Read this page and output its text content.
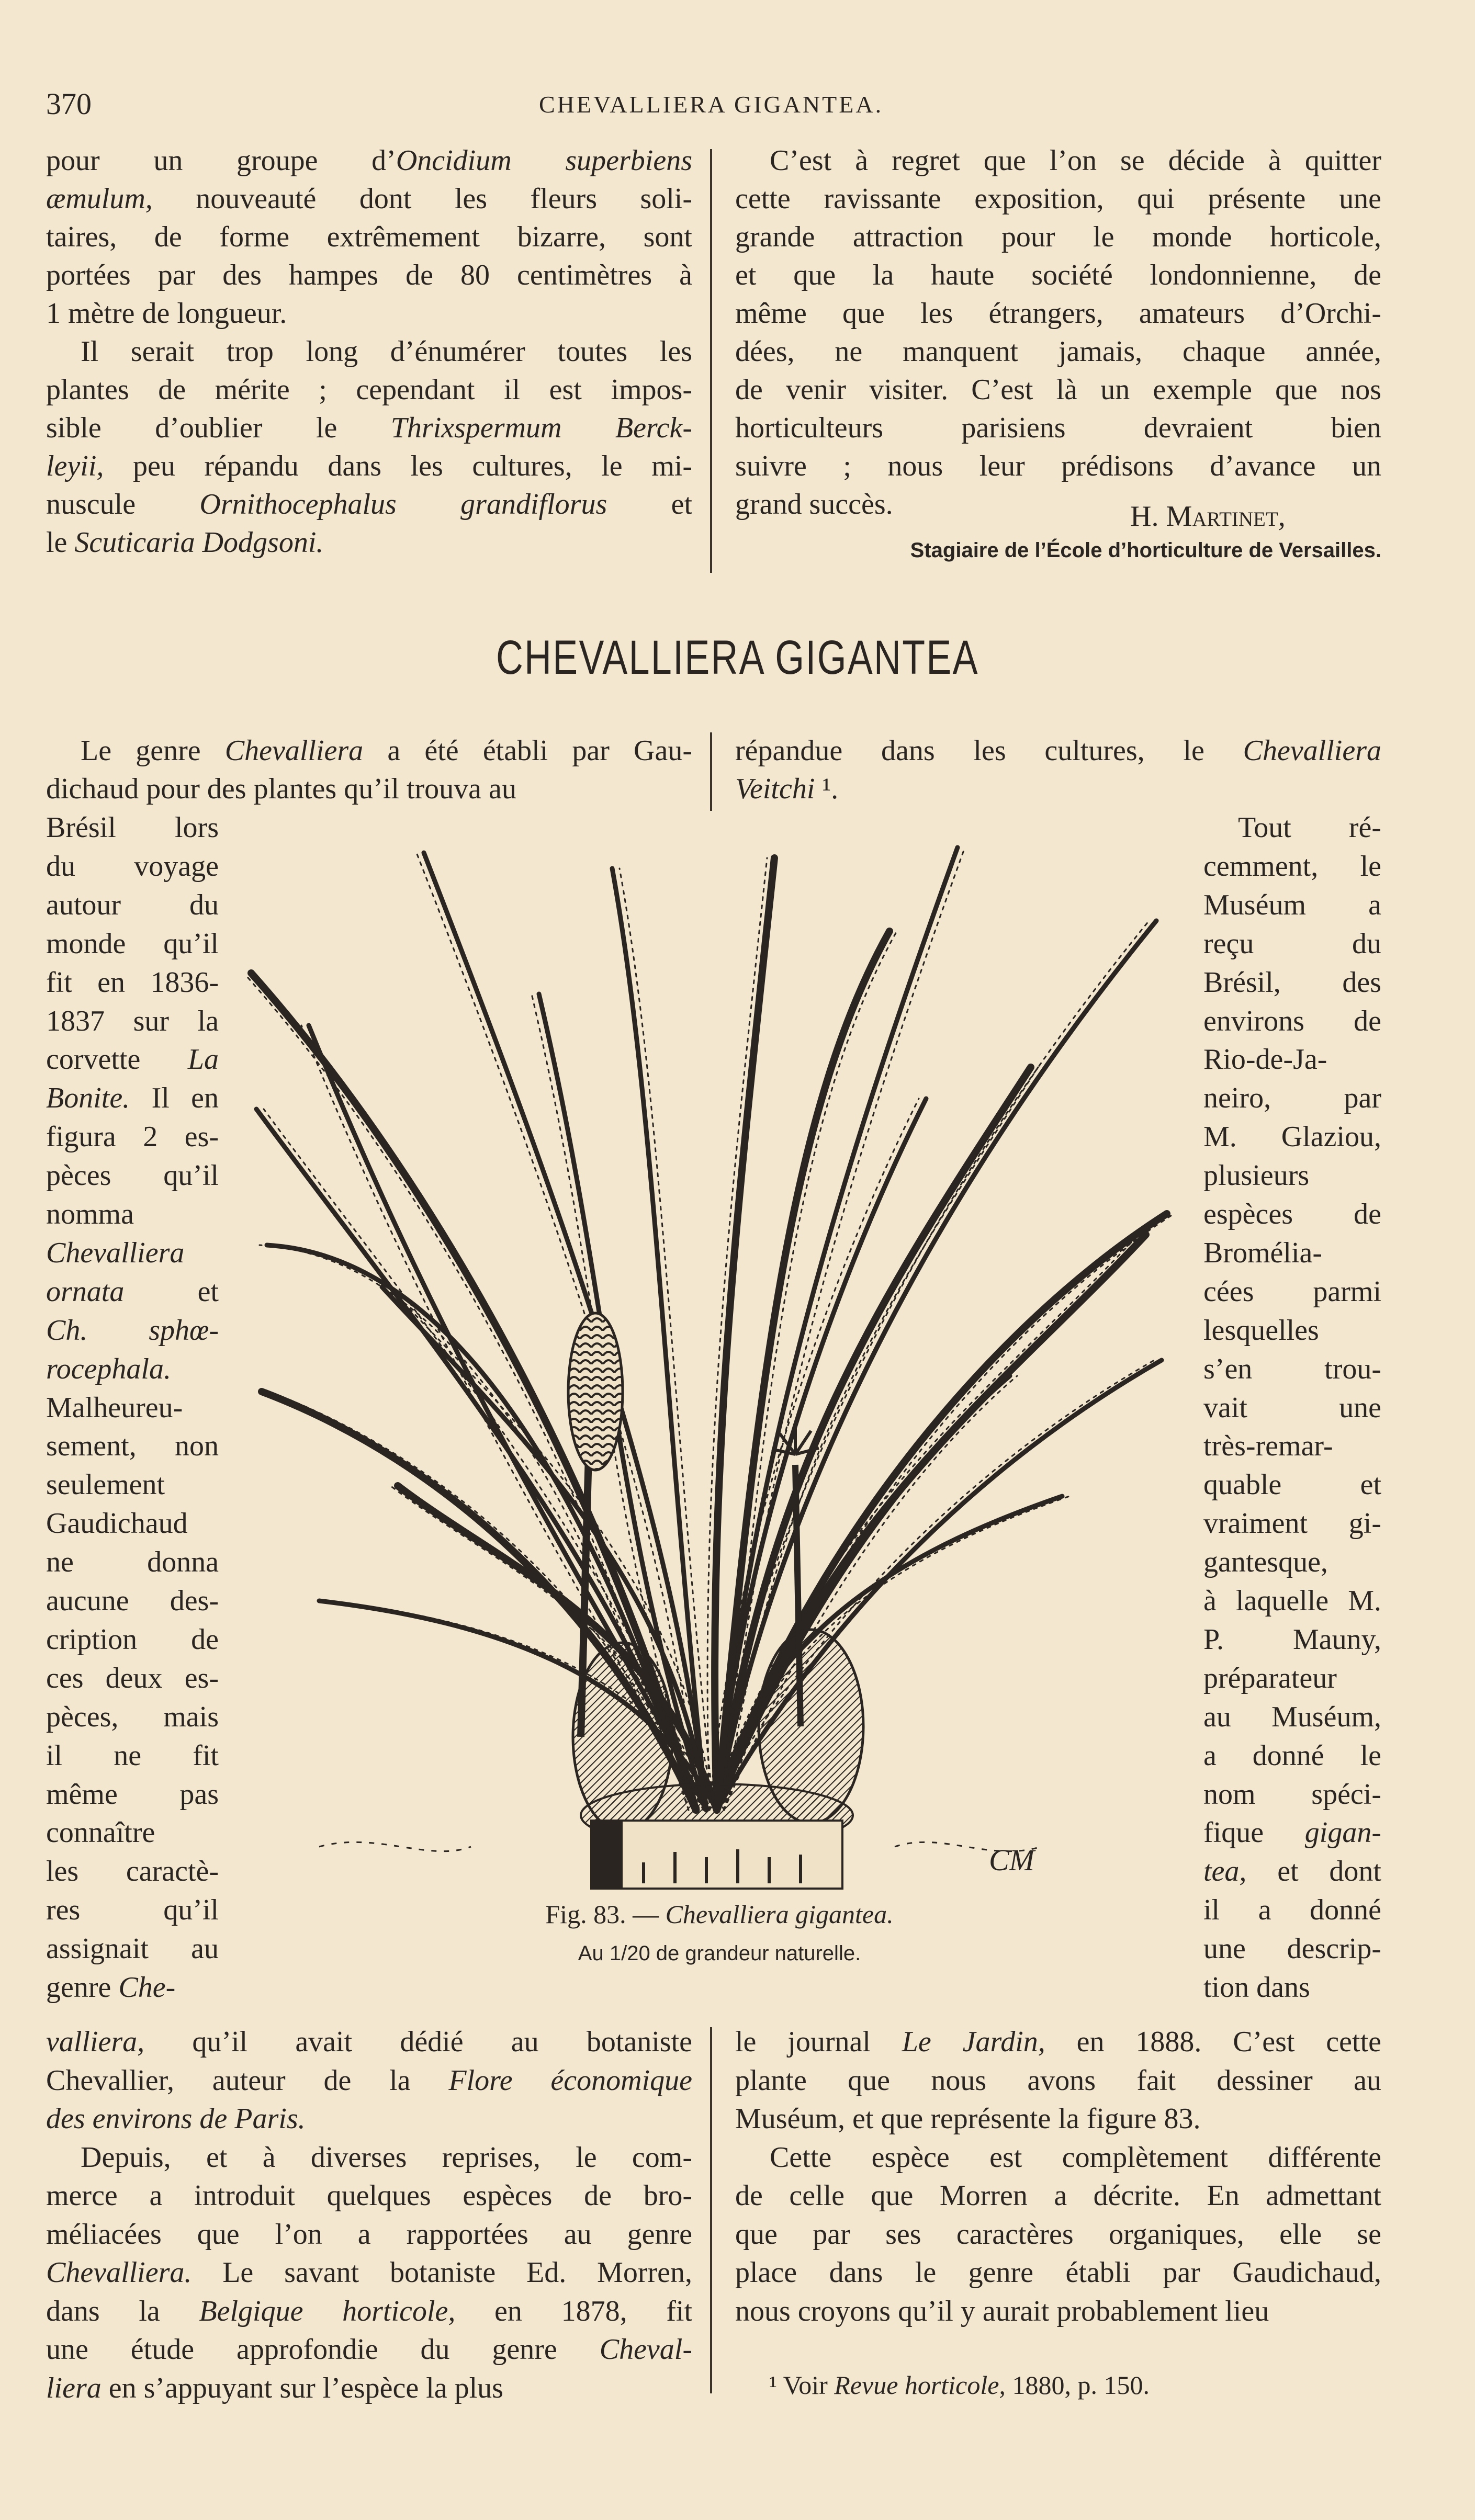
370	CHEVALLIERA GIGANTEA.
pour un groupe d’Oncidium superbiens
æmulum, nouveauté dont les fleurs soli-
taires, de forme extrêmement bizarre, sont
portées par des hampes de 80 centimètres à
1 mètre de longueur.
Il serait trop long d’énumérer toutes les
plantes de mérite ; cependant il est impos-
sible d’oublier le Thrixspermum Berck-
leyii, peu répandu dans les cultures, le mi-
nuscule Ornithocephalus grandiflorus et
le Scuticaria Dodgsoni.
C’est à regret que l’on se décide à quitter
cette ravissante exposition, qui présente une
grande attraction pour le monde horticole,
et que la haute société londonnienne, de
même que les étrangers, amateurs d’Orchi-
dées, ne manquent jamais, chaque année,
de venir visiter. C’est là un exemple que nos
horticulteurs parisiens devraient bien
suivre ; nous leur prédisons d’avance un
grand succès.	H. Martinet,
Stagiaire de l’École d’horticulture de Versailles.
CHEVALLIERA GIGANTEA
Le genre Chevalliera a été établi par Gau-
dichaud pour des plantes qu’il trouva au
répandue dans les cultures, le Chevalliera
Veitchi ¹.
Brésil lors
du voyage
autour du
monde qu’il
fit en 1836-
1837 sur la
corvette La
Bonite. Il en
figura 2 es-
pèces qu’il
nomma
Chevalliera
ornata et
Ch. sphœ-
rocephala.
Malheureu-
sement, non
seulement
Gaudichaud
ne donna
aucune des-
cription de
ces deux es-
pèces, mais
il ne fit
même pas
connaître
les caractè-
res qu’il
assignait au
genre Che-
Tout ré-
cemment, le
Muséum a
reçu du
Brésil, des
environs de
Rio-de-Ja-
neiro, par
M. Glaziou,
plusieurs
espèces de
Broméliа-
cées parmi
lesquelles
s’en trou-
vait une
très-remar-
quable et
vraiment gi-
gantesque,
à laquelle M.
P. Mauny,
préparateur
au Muséum,
a donné le
nom spéci-
fique gigan-
tea, et dont
il a donné
une descrip-
tion dans
CM
Fig. 83. — Chevalliera gigantea.
Au 1/20 de grandeur naturelle.
valliera, qu’il avait dédié au botaniste
Chevallier, auteur de la Flore économique
des environs de Paris.
Depuis, et à diverses reprises, le com-
merce a introduit quelques espèces de bro-
méliacées que l’on a rapportées au genre
Chevalliera. Le savant botaniste Ed. Morren,
dans la Belgique horticole, en 1878, fit
une étude approfondie du genre Cheval-
liera en s’appuyant sur l’espèce la plus
le journal Le Jardin, en 1888. C’est cette
plante que nous avons fait dessiner au
Muséum, et que représente la figure 83.
Cette espèce est complètement différente
de celle que Morren a décrite. En admettant
que par ses caractères organiques, elle se
place dans le genre établi par Gaudichaud,
nous croyons qu’il y aurait probablement lieu
¹ Voir Revue horticole, 1880, p. 150.
